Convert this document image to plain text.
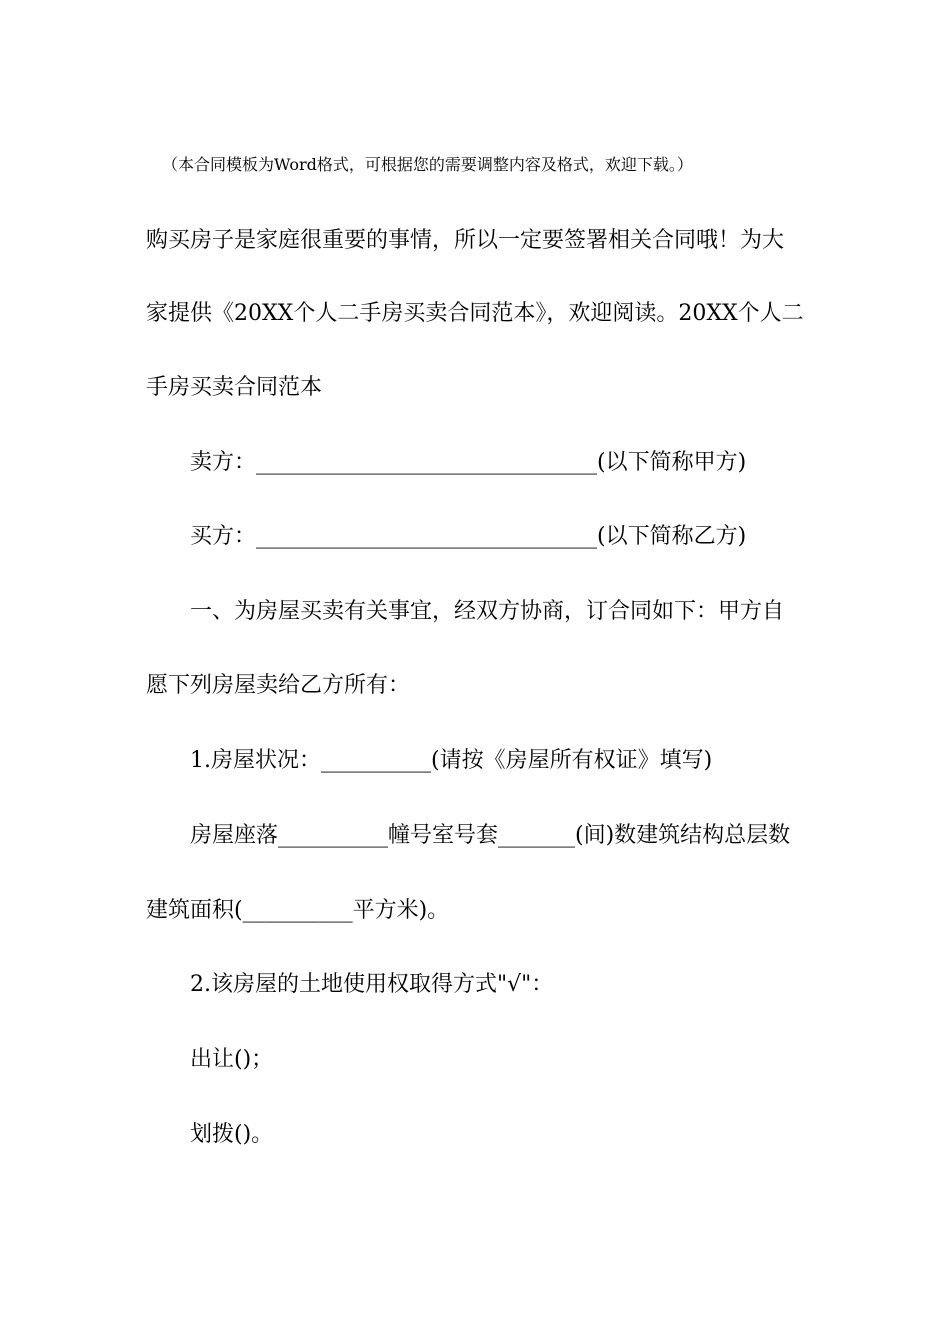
（本合同模板为Word格式，可根据您的需要调整内容及格式，欢迎下载。）
购买房子是家庭很重要的事情，所以一定要签署相关合同哦！为大
家提供《20XX个人二手房买卖合同范本》，欢迎阅读。20XX个人二
手房买卖合同范本
卖方：_______________________________(以下简称甲方)
买方：_______________________________(以下简称乙方)
一、为房屋买卖有关事宜，经双方协商，订合同如下：甲方自
愿下列房屋卖给乙方所有：
1.房屋状况：__________(请按《房屋所有权证》填写)
房屋座落__________幢号室号套_______(间)数建筑结构总层数
建筑面积(__________平方米)。
2.该房屋的土地使用权取得方式"√"：
出让()；
划拨()。
